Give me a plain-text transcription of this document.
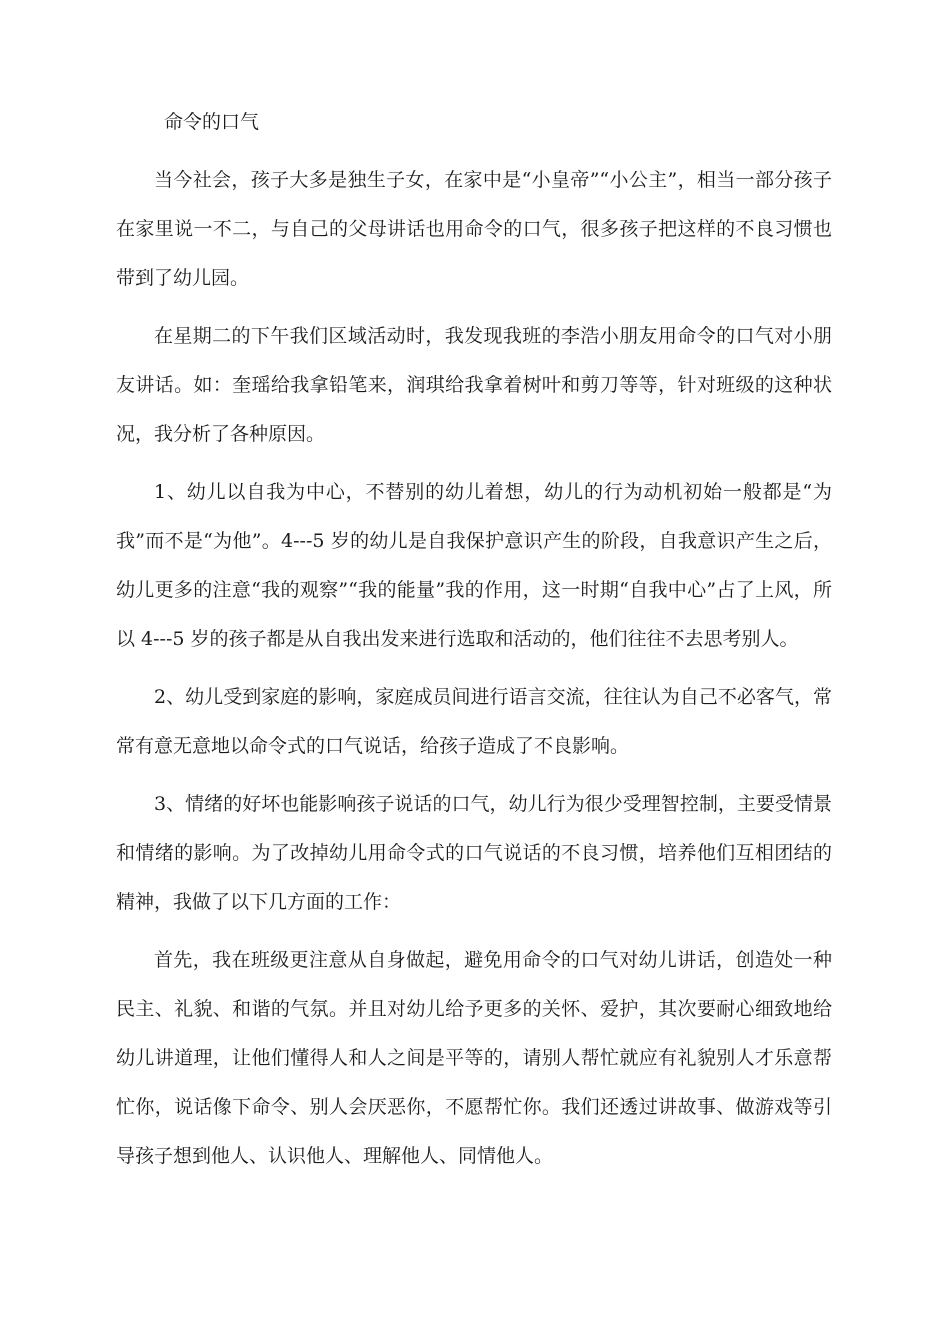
命令的口气

当今社会，孩子大多是独生子女，在家中是“小皇帝”“小公主”，相当一部分孩子在家里说一不二，与自己的父母讲话也用命令的口气，很多孩子把这样的不良习惯也带到了幼儿园。

在星期二的下午我们区域活动时，我发现我班的李浩小朋友用命令的口气对小朋友讲话。如：奎瑶给我拿铅笔来，润琪给我拿着树叶和剪刀等等，针对班级的这种状况，我分析了各种原因。

1、幼儿以自我为中心，不替别的幼儿着想，幼儿的行为动机初始一般都是“为我”而不是“为他”。4---5 岁的幼儿是自我保护意识产生的阶段，自我意识产生之后，幼儿更多的注意“我的观察”“我的能量”我的作用，这一时期“自我中心”占了上风，所以 4---5 岁的孩子都是从自我出发来进行选取和活动的，他们往往不去思考别人。

2、幼儿受到家庭的影响，家庭成员间进行语言交流，往往认为自己不必客气，常常有意无意地以命令式的口气说话，给孩子造成了不良影响。

3、情绪的好坏也能影响孩子说话的口气，幼儿行为很少受理智控制，主要受情景和情绪的影响。为了改掉幼儿用命令式的口气说话的不良习惯，培养他们互相团结的精神，我做了以下几方面的工作：

首先，我在班级更注意从自身做起，避免用命令的口气对幼儿讲话，创造处一种民主、礼貌、和谐的气氛。并且对幼儿给予更多的关怀、爱护，其次要耐心细致地给幼儿讲道理，让他们懂得人和人之间是平等的，请别人帮忙就应有礼貌别人才乐意帮忙你，说话像下命令、别人会厌恶你，不愿帮忙你。我们还透过讲故事、做游戏等引导孩子想到他人、认识他人、理解他人、同情他人。
